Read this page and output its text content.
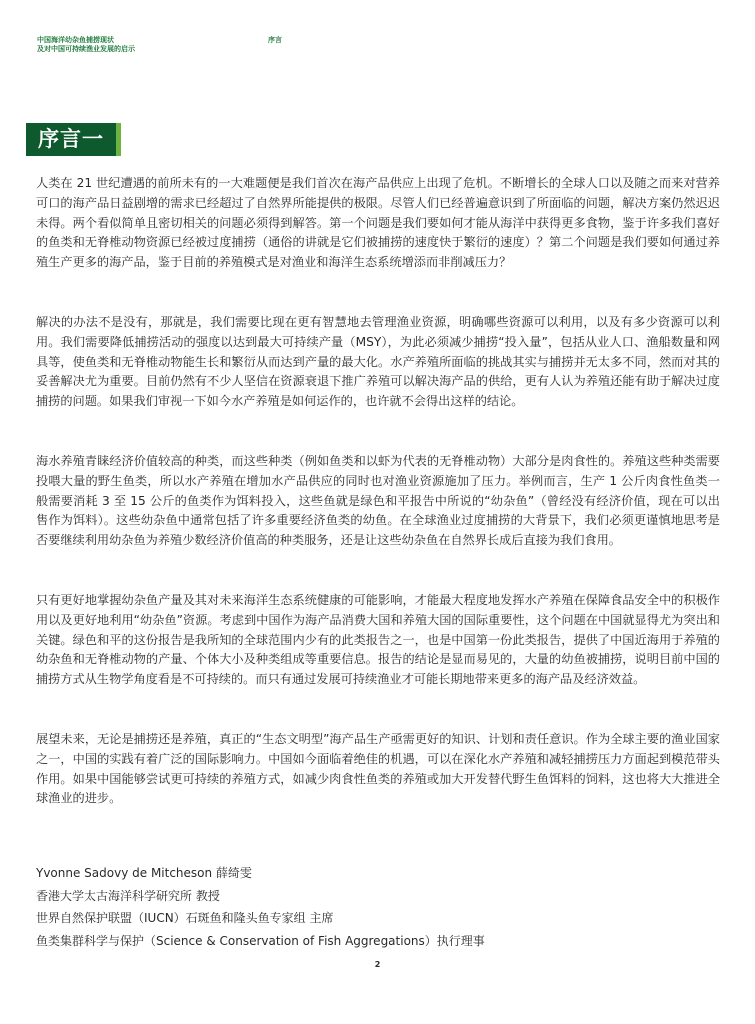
中国海洋幼杂鱼捕捞现状
及对中国可持续渔业发展的启示
序言
序言一

人类在 21 世纪遭遇的前所未有的一大难题便是我们首次在海产品供应上出现了危机。不断增长的全球人口以及随之而来对营养可口的海产品日益剧增的需求已经超过了自然界所能提供的极限。尽管人们已经普遍意识到了所面临的问题，解决方案仍然迟迟未得。两个看似简单且密切相关的问题必须得到解答。第一个问题是我们要如何才能从海洋中获得更多食物，鉴于许多我们喜好的鱼类和无脊椎动物资源已经被过度捕捞（通俗的讲就是它们被捕捞的速度快于繁衍的速度）？第二个问题是我们要如何通过养殖生产更多的海产品，鉴于目前的养殖模式是对渔业和海洋生态系统增添而非削减压力？

解决的办法不是没有，那就是，我们需要比现在更有智慧地去管理渔业资源，明确哪些资源可以利用，以及有多少资源可以利用。我们需要降低捕捞活动的强度以达到最大可持续产量（MSY），为此必须减少捕捞“投入量”，包括从业人口、渔船数量和网具等，使鱼类和无脊椎动物能生长和繁衍从而达到产量的最大化。水产养殖所面临的挑战其实与捕捞并无太多不同，然而对其的妥善解决尤为重要。目前仍然有不少人坚信在资源衰退下推广养殖可以解决海产品的供给，更有人认为养殖还能有助于解决过度捕捞的问题。如果我们审视一下如今水产养殖是如何运作的，也许就不会得出这样的结论。

海水养殖青睐经济价值较高的种类，而这些种类（例如鱼类和以虾为代表的无脊椎动物）大部分是肉食性的。养殖这些种类需要投喂大量的野生鱼类，所以水产养殖在增加水产品供应的同时也对渔业资源施加了压力。举例而言，生产 1 公斤肉食性鱼类一般需要消耗 3 至 15 公斤的鱼类作为饵料投入，这些鱼就是绿色和平报告中所说的“幼杂鱼”（曾经没有经济价值，现在可以出售作为饵料）。这些幼杂鱼中通常包括了许多重要经济鱼类的幼鱼。在全球渔业过度捕捞的大背景下，我们必须更谨慎地思考是否要继续利用幼杂鱼为养殖少数经济价值高的种类服务，还是让这些幼杂鱼在自然界长成后直接为我们食用。

只有更好地掌握幼杂鱼产量及其对未来海洋生态系统健康的可能影响，才能最大程度地发挥水产养殖在保障食品安全中的积极作用以及更好地利用“幼杂鱼”资源。考虑到中国作为海产品消费大国和养殖大国的国际重要性，这个问题在中国就显得尤为突出和关键。绿色和平的这份报告是我所知的全球范围内少有的此类报告之一，也是中国第一份此类报告，提供了中国近海用于养殖的幼杂鱼和无脊椎动物的产量、个体大小及种类组成等重要信息。报告的结论是显而易见的，大量的幼鱼被捕捞，说明目前中国的捕捞方式从生物学角度看是不可持续的。而只有通过发展可持续渔业才可能长期地带来更多的海产品及经济效益。

展望未来，无论是捕捞还是养殖，真正的“生态文明型”海产品生产亟需更好的知识、计划和责任意识。作为全球主要的渔业国家之一，中国的实践有着广泛的国际影响力。中国如今面临着绝佳的机遇，可以在深化水产养殖和减轻捕捞压力方面起到模范带头作用。如果中国能够尝试更可持续的养殖方式，如减少肉食性鱼类的养殖或加大开发替代野生鱼饵料的饲料，这也将大大推进全球渔业的进步。

Yvonne Sadovy de Mitcheson 薛绮雯
香港大学太古海洋科学研究所 教授
世界自然保护联盟（IUCN）石斑鱼和隆头鱼专家组 主席
鱼类集群科学与保护（Science & Conservation of Fish Aggregations）执行理事
2
